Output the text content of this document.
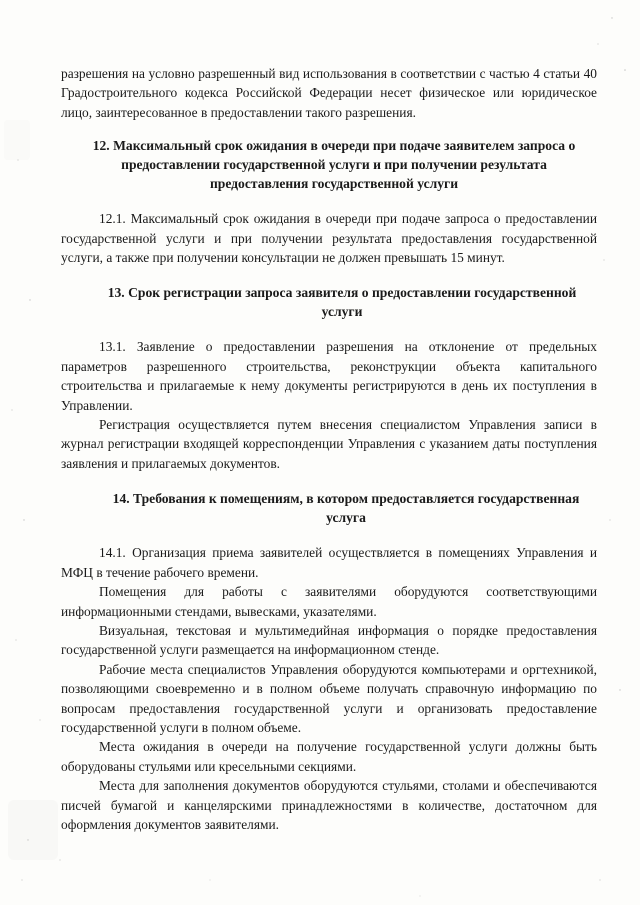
разрешения на условно разрешенный вид использования в соответствии с частью 4 статьи 40 Градостроительного кодекса Российской Федерации несет физическое или юридическое лицо, заинтересованное в предоставлении такого разрешения.

12. Максимальный срок ожидания в очереди при подаче заявителем запроса о предоставлении государственной услуги и при получении результата предоставления государственной услуги

12.1. Максимальный срок ожидания в очереди при подаче запроса о предоставлении государственной услуги и при получении результата предоставления государственной услуги, а также при получении консультации не должен превышать 15 минут.

13. Срок регистрации запроса заявителя о предоставлении государственной услуги

13.1. Заявление о предоставлении разрешения на отклонение от предельных параметров разрешенного строительства, реконструкции объекта капитального строительства и прилагаемые к нему документы регистрируются в день их поступления в Управлении.

Регистрация осуществляется путем внесения специалистом Управления записи в журнал регистрации входящей корреспонденции Управления с указанием даты поступления заявления и прилагаемых документов.

14. Требования к помещениям, в котором предоставляется государственная услуга

14.1. Организация приема заявителей осуществляется в помещениях Управления и МФЦ в течение рабочего времени.

Помещения для работы с заявителями оборудуются соответствующими информационными стендами, вывесками, указателями.

Визуальная, текстовая и мультимедийная информация о порядке предоставления государственной услуги размещается на информационном стенде.

Рабочие места специалистов Управления оборудуются компьютерами и оргтехникой, позволяющими своевременно и в полном объеме получать справочную информацию по вопросам предоставления государственной услуги и организовать предоставление государственной услуги в полном объеме.

Места ожидания в очереди на получение государственной услуги должны быть оборудованы стульями или кресельными секциями.

Места для заполнения документов оборудуются стульями, столами и обеспечиваются писчей бумагой и канцелярскими принадлежностями в количестве, достаточном для оформления документов заявителями.
